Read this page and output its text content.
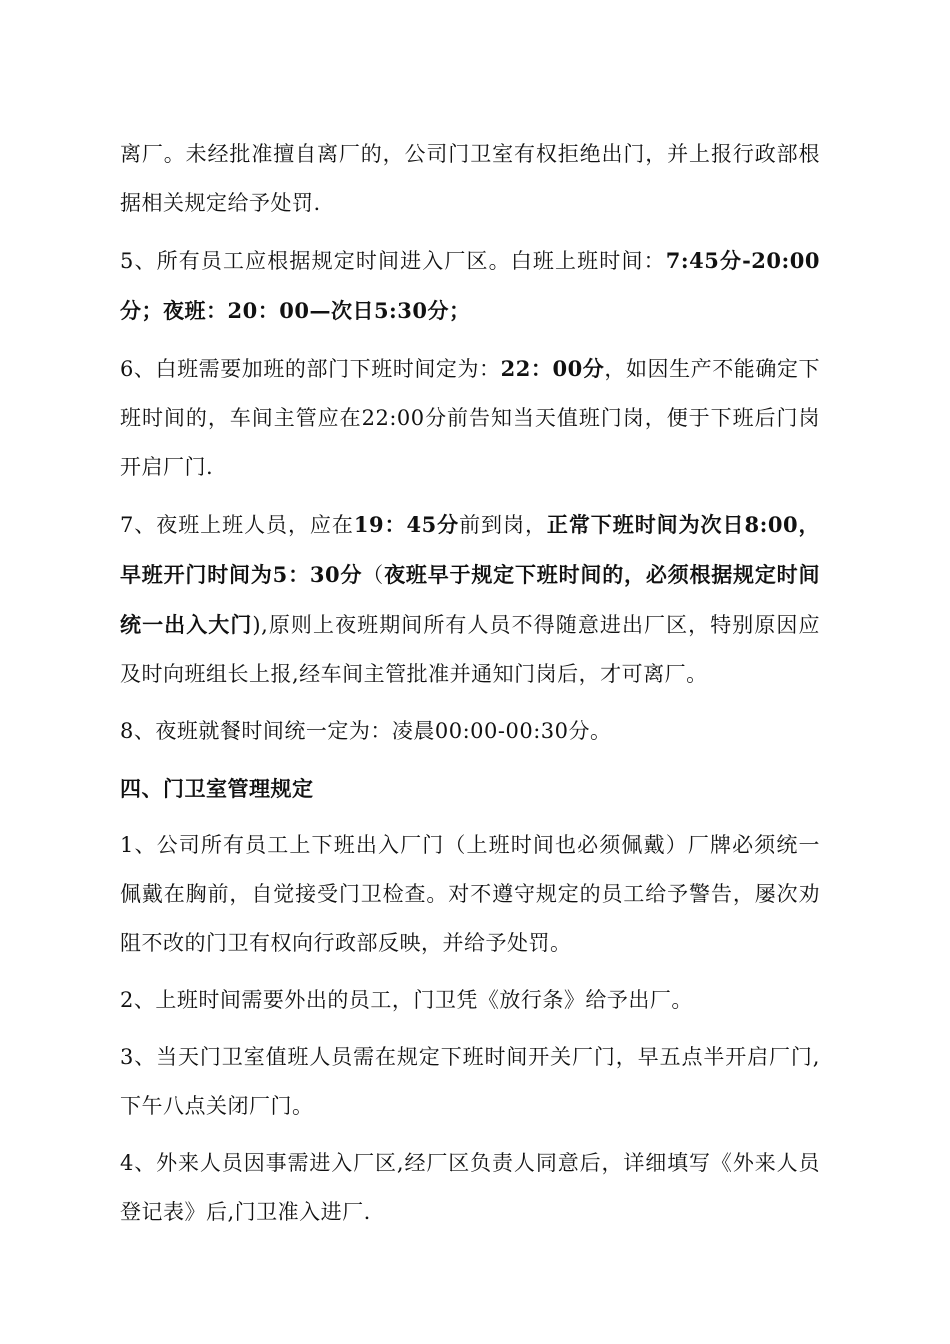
离厂。未经批准擅自离厂的，公司门卫室有权拒绝出门，并上报行政部根据相关规定给予处罚.

5、所有员工应根据规定时间进入厂区。白班上班时间：7:45分-20:00分；夜班：20：00—次日5:30分；

6、白班需要加班的部门下班时间定为：22：00分，如因生产不能确定下班时间的，车间主管应在22:00分前告知当天值班门岗，便于下班后门岗开启厂门.

7、夜班上班人员，应在19：45分前到岗，正常下班时间为次日8:00，早班开门时间为5：30分（夜班早于规定下班时间的，必须根据规定时间统一出入大门),原则上夜班期间所有人员不得随意进出厂区，特别原因应及时向班组长上报,经车间主管批准并通知门岗后，才可离厂。

8、夜班就餐时间统一定为：凌晨00:00-00:30分。

四、门卫室管理规定

1、公司所有员工上下班出入厂门（上班时间也必须佩戴）厂牌必须统一佩戴在胸前，自觉接受门卫检查。对不遵守规定的员工给予警告，屡次劝阻不改的门卫有权向行政部反映，并给予处罚。

2、上班时间需要外出的员工，门卫凭《放行条》给予出厂。

3、当天门卫室值班人员需在规定下班时间开关厂门，早五点半开启厂门,下午八点关闭厂门。

4、外来人员因事需进入厂区,经厂区负责人同意后，详细填写《外来人员登记表》后,门卫准入进厂.
